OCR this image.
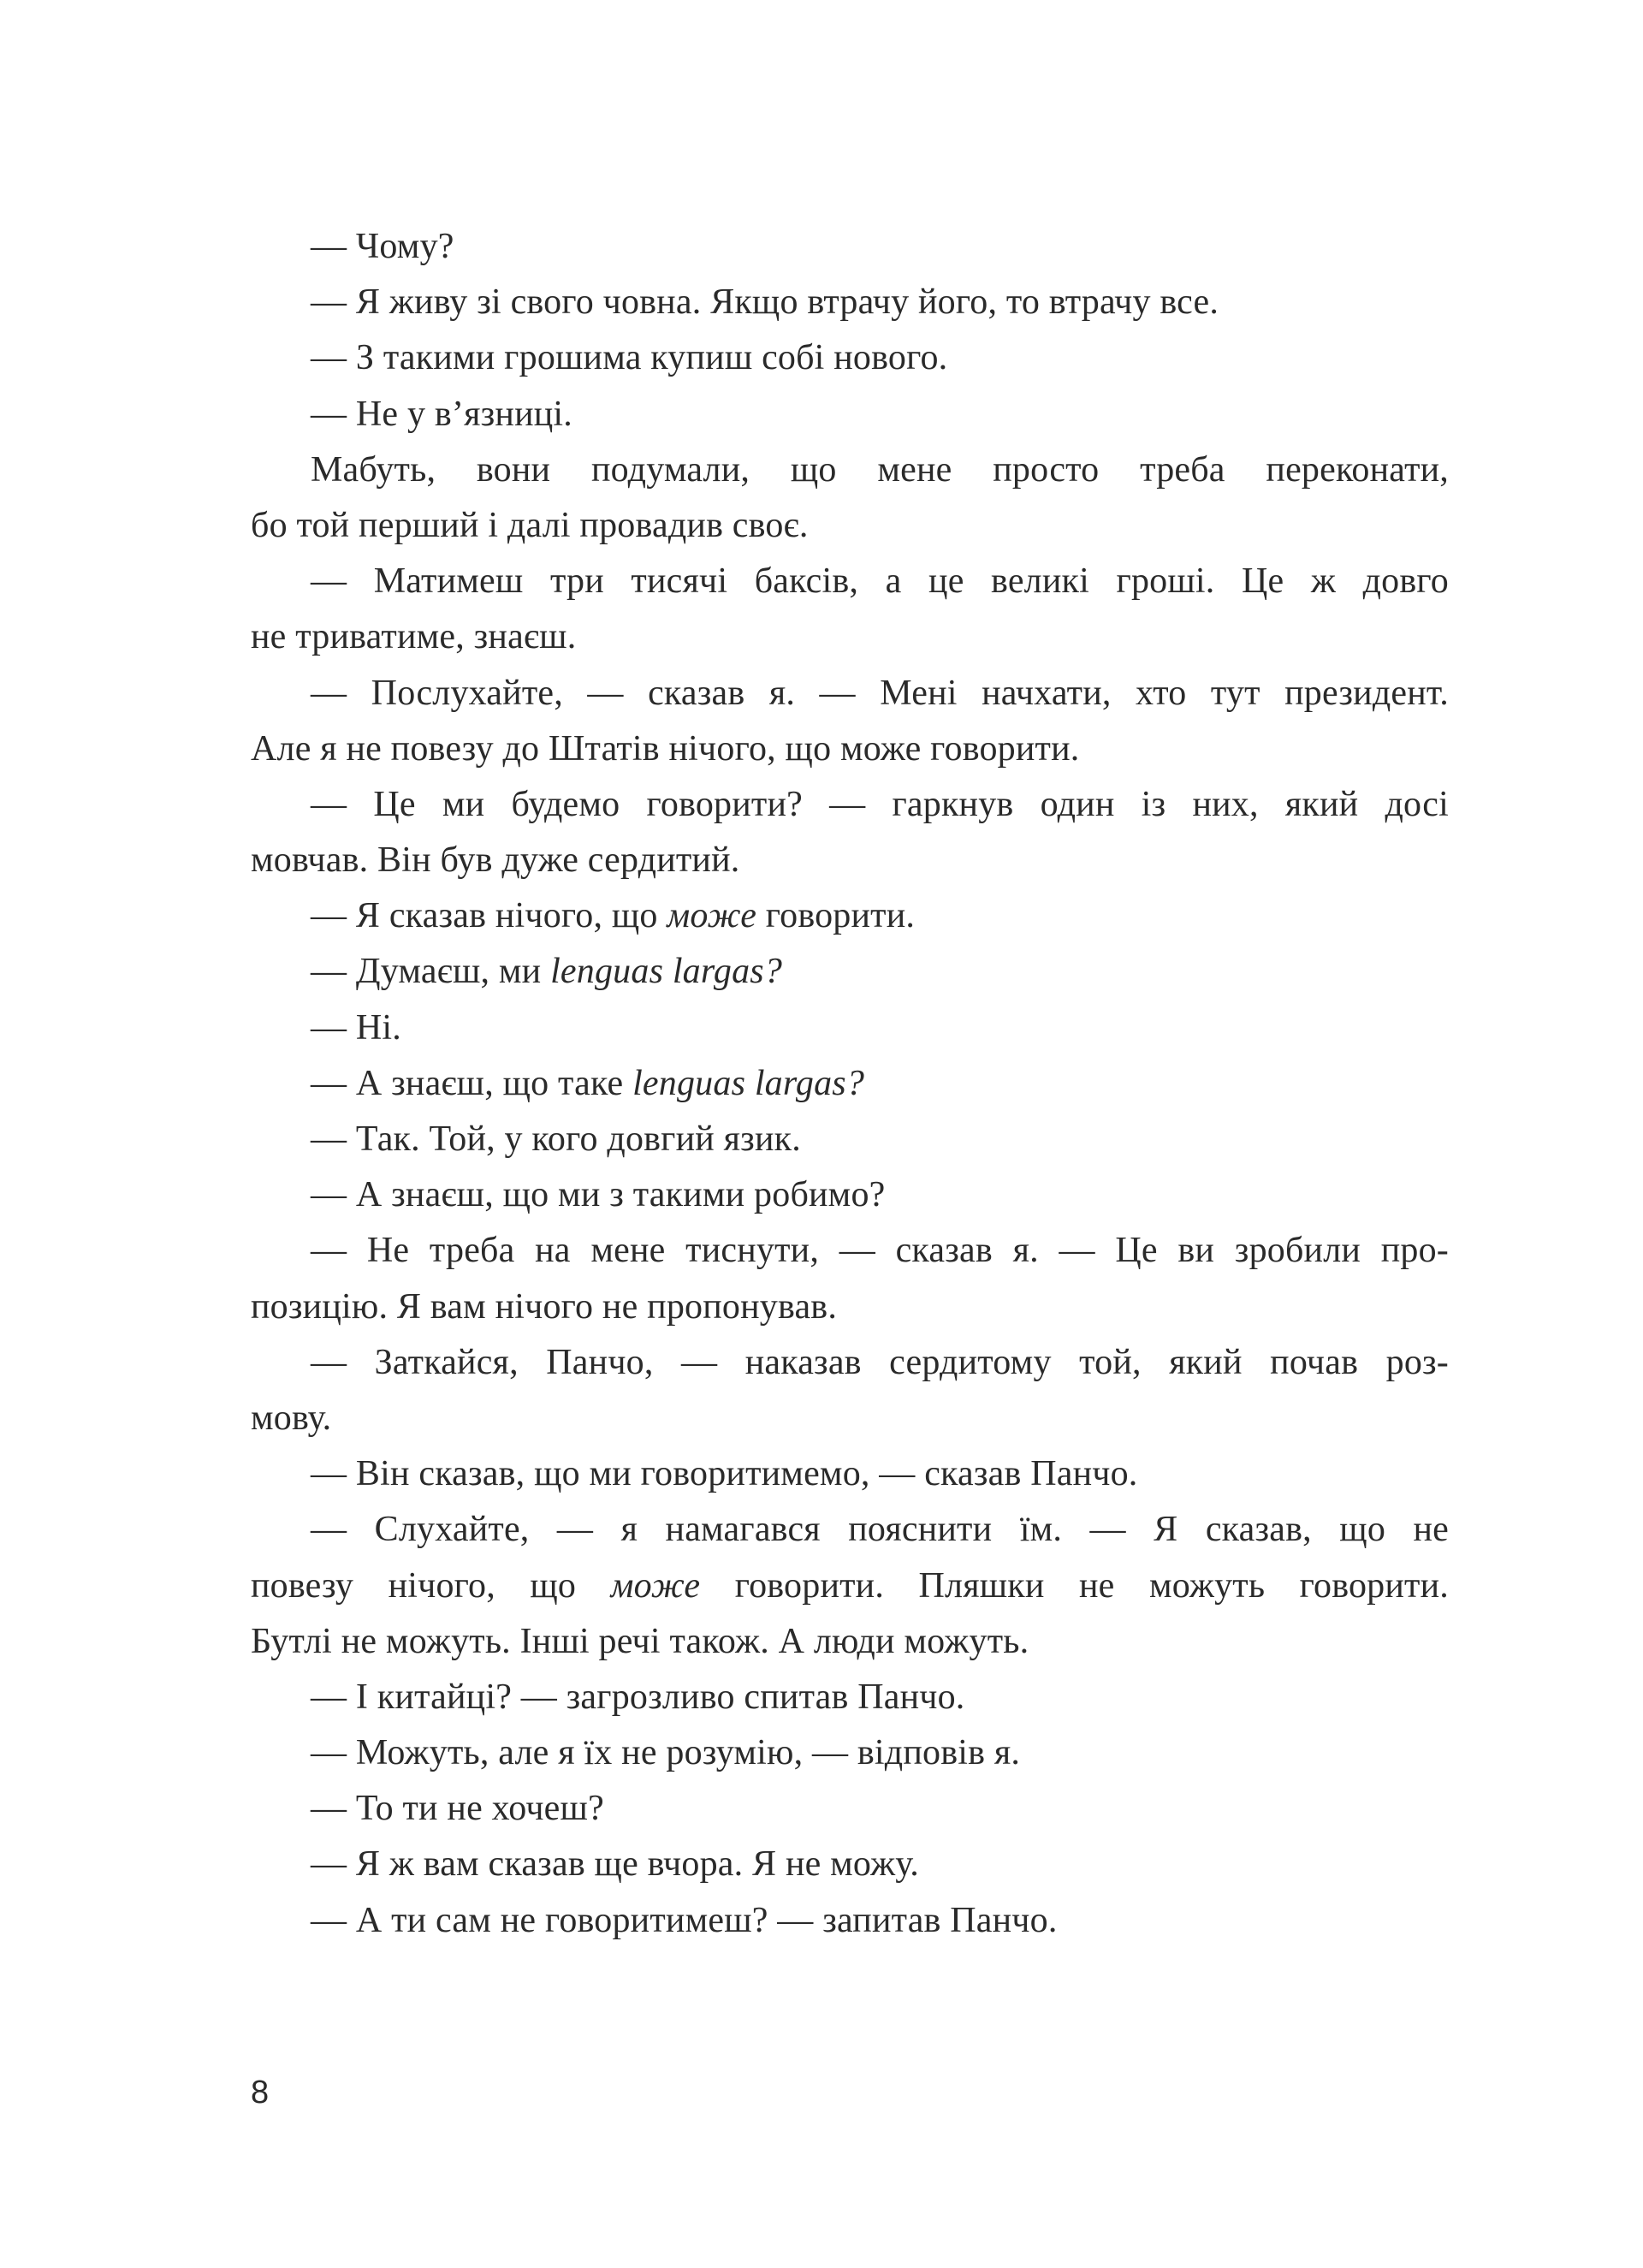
— Чому?
— Я живу зі свого човна. Якщо втрачу його, то втрачу все.
— З такими грошима купиш собі нового.
— Не у в’язниці.
Мабуть, вони подумали, що мене просто треба переконати,
бо той перший і далі провадив своє.
— Матимеш три тисячі баксів, а це великі гроші. Це ж довго
не триватиме, знаєш.
— Послухайте, — сказав я. — Мені начхати, хто тут президент.
Але я не повезу до Штатів нічого, що може говорити.
— Це ми будемо говорити? — гаркнув один із них, який досі
мовчав. Він був дуже сердитий.
— Я сказав нічого, що може говорити.
— Думаєш, ми lenguas largas?
— Ні.
— А знаєш, що таке lenguas largas?
— Так. Той, у кого довгий язик.
— А знаєш, що ми з такими робимо?
— Не треба на мене тиснути, — сказав я. — Це ви зробили про-
позицію. Я вам нічого не пропонував.
— Заткайся, Панчо, — наказав сердитому той, який почав роз-
мову.
— Він сказав, що ми говоритимемо, — сказав Панчо.
— Слухайте, — я намагався пояснити їм. — Я сказав, що не
повезу нічого, що може говорити. Пляшки не можуть говорити.
Бутлі не можуть. Інші речі також. А люди можуть.
— І китайці? — загрозливо спитав Панчо.
— Можуть, але я їх не розумію, — відповів я.
— То ти не хочеш?
— Я ж вам сказав ще вчора. Я не можу.
— А ти сам не говоритимеш? — запитав Панчо.
8
